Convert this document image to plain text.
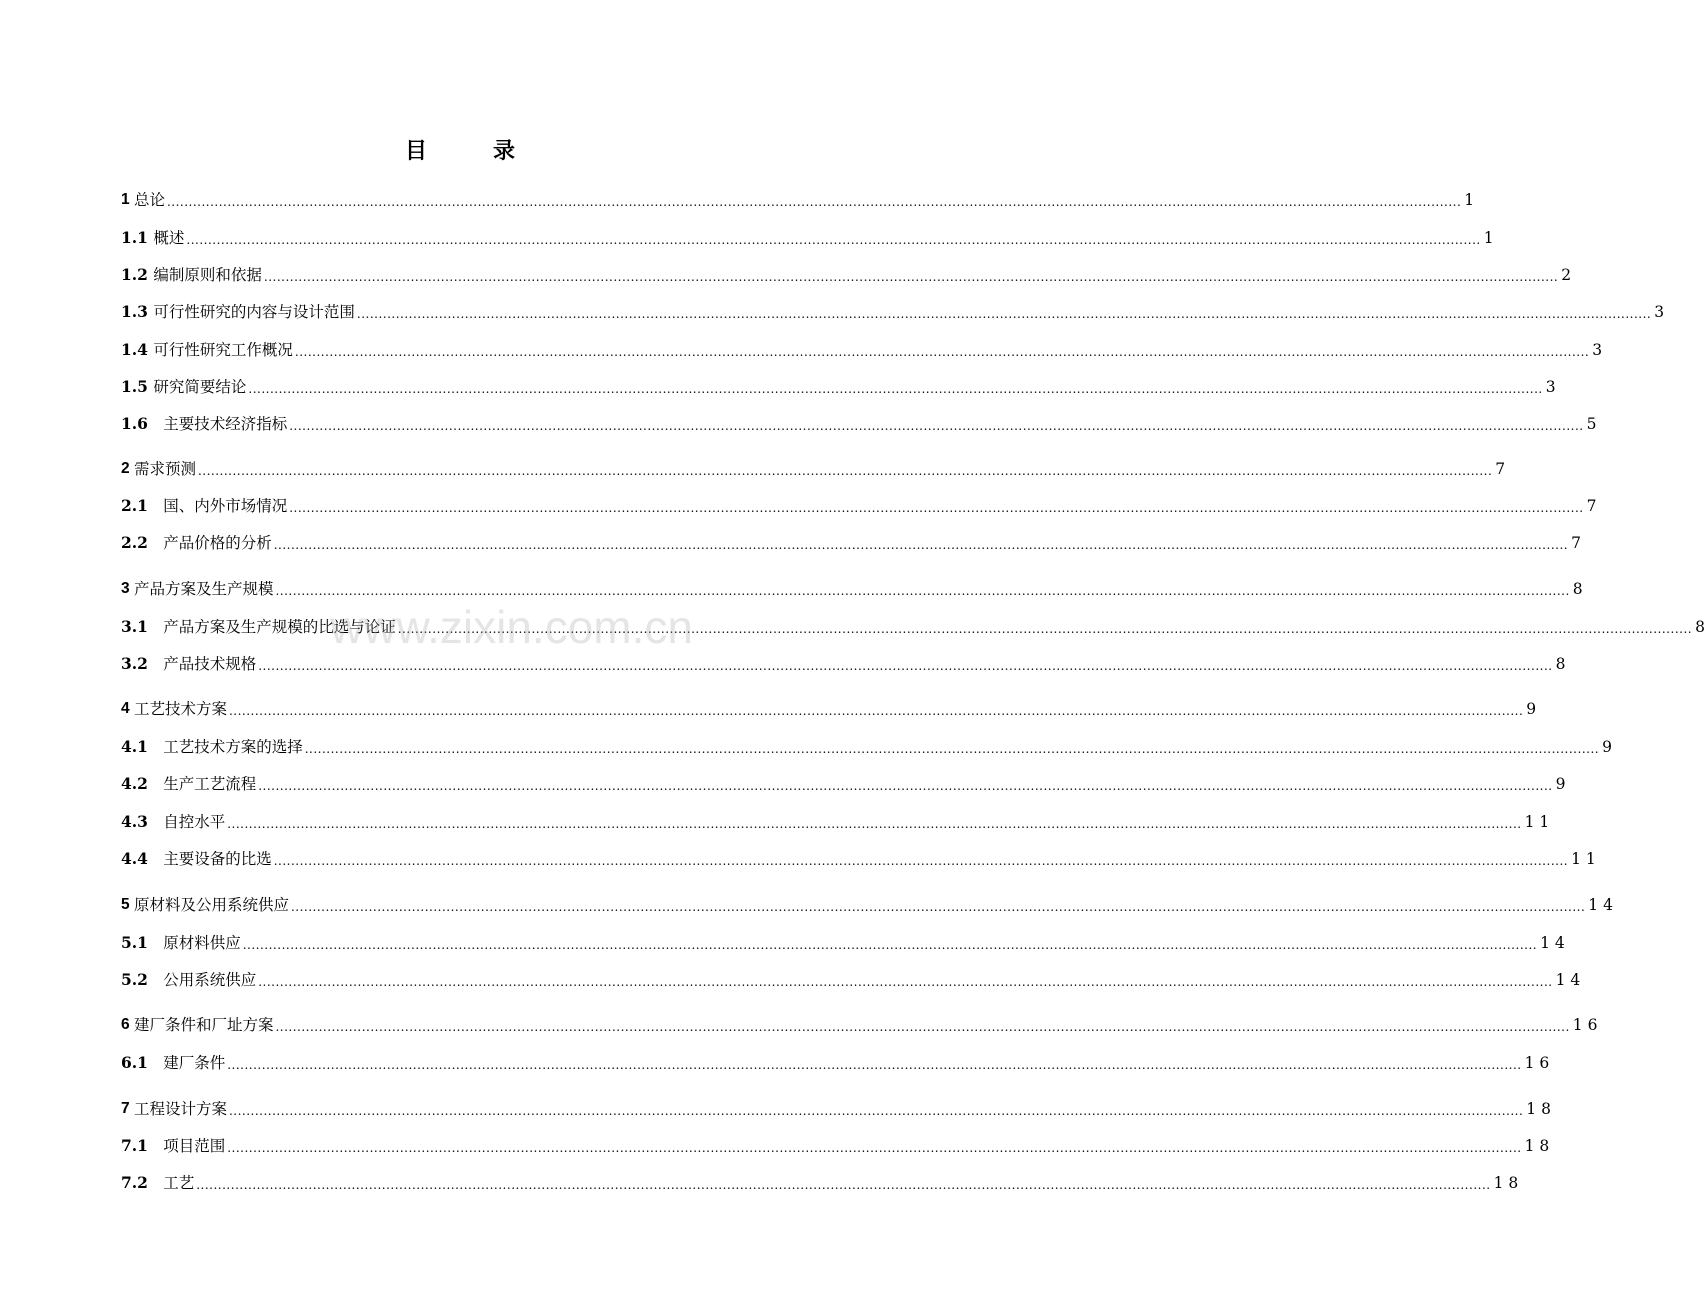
目　录
1 总论 ............................................................................................................................................................................................................................................................................................................ 1
1.1 概述 ............................................................................................................................................................................................................................................................................................................ 1
1.2 编制原则和依据 ............................................................................................................................................................................................................................................................................................................ 2
1.3 可行性研究的内容与设计范围 ............................................................................................................................................................................................................................................................................................................ 3
1.4 可行性研究工作概况 ............................................................................................................................................................................................................................................................................................................ 3
1.5 研究简要结论 ............................................................................................................................................................................................................................................................................................................ 3
1.6 主要技术经济指标 ............................................................................................................................................................................................................................................................................................................ 5
2 需求预测 ............................................................................................................................................................................................................................................................................................................ 7
2.1 国、内外市场情况 ............................................................................................................................................................................................................................................................................................................ 7
2.2 产品价格的分析 ............................................................................................................................................................................................................................................................................................................ 7
3 产品方案及生产规模 ............................................................................................................................................................................................................................................................................................................ 8
3.1 产品方案及生产规模的比选与论证 ............................................................................................................................................................................................................................................................................................................ 8
3.2 产品技术规格 ............................................................................................................................................................................................................................................................................................................ 8
4 工艺技术方案 ............................................................................................................................................................................................................................................................................................................ 9
4.1 工艺技术方案的选择 ............................................................................................................................................................................................................................................................................................................ 9
4.2 生产工艺流程 ............................................................................................................................................................................................................................................................................................................ 9
4.3 自控水平 ............................................................................................................................................................................................................................................................................................................ 1 1
4.4 主要设备的比选 ............................................................................................................................................................................................................................................................................................................ 1 1
5 原材料及公用系统供应 ............................................................................................................................................................................................................................................................................................................ 1 4
5.1 原材料供应 ............................................................................................................................................................................................................................................................................................................ 1 4
5.2 公用系统供应 ............................................................................................................................................................................................................................................................................................................ 1 4
6 建厂条件和厂址方案 ............................................................................................................................................................................................................................................................................................................ 1 6
6.1 建厂条件 ............................................................................................................................................................................................................................................................................................................ 1 6
7 工程设计方案 ............................................................................................................................................................................................................................................................................................................ 1 8
7.1 项目范围 ............................................................................................................................................................................................................................................................................................................ 1 8
7.2 工艺 ............................................................................................................................................................................................................................................................................................................ 1 8
www.zixin.com.cn
